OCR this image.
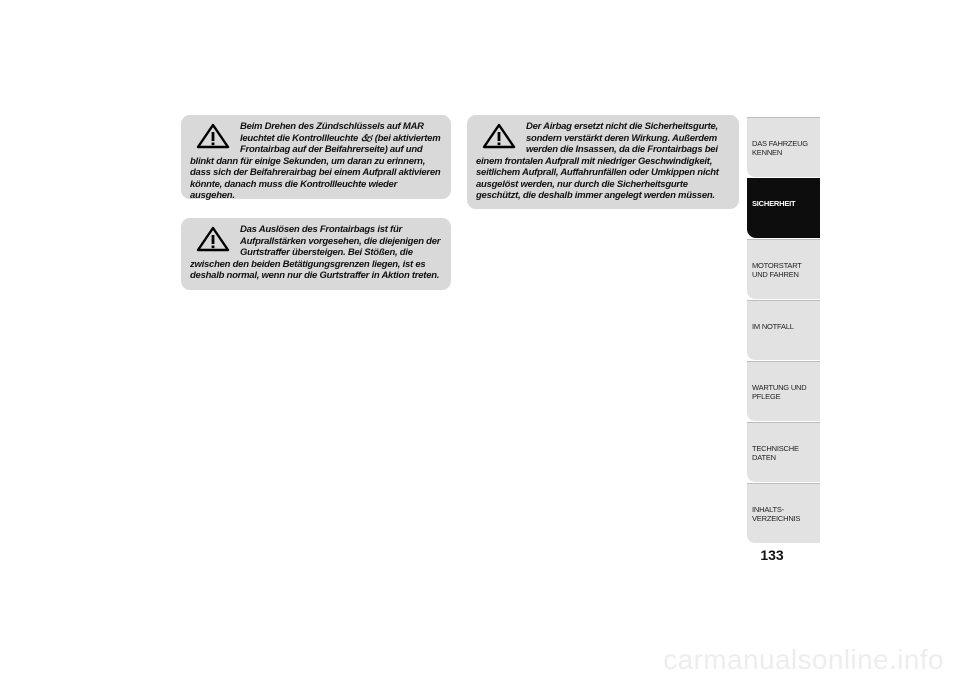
Beim Drehen des Zündschlüssels auf MAR leuchtet die Kontrollleuchte 🙵 (bei aktiviertem Frontairbag auf der Beifahrerseite) auf und blinkt dann für einige Sekunden, um daran zu erinnern, dass sich der Beifahrerairbag bei einem Aufprall aktivieren könnte, danach muss die Kontrollleuchte wieder ausgehen.
Das Auslösen des Frontairbags ist für Aufprallstärken vorgesehen, die diejenigen der Gurtstraffer übersteigen. Bei Stößen, die zwischen den beiden Betätigungsgrenzen liegen, ist es deshalb normal, wenn nur die Gurtstraffer in Aktion treten.
Der Airbag ersetzt nicht die Sicherheitsgurte, sondern verstärkt deren Wirkung. Außerdem werden die Insassen, da die Frontairbags bei einem frontalen Aufprall mit niedriger Geschwindigkeit, seitlichem Aufprall, Auffahrunfällen oder Umkippen nicht ausgelöst werden, nur durch die Sicherheitsgurte geschützt, die deshalb immer angelegt werden müssen.
DAS FAHRZEUG KENNEN
SICHERHEIT
MOTORSTART UND FAHREN
IM NOTFALL
WARTUNG UND PFLEGE
TECHNISCHE DATEN
INHALTS-VERZEICHNIS
133
carmanualsonline.info
